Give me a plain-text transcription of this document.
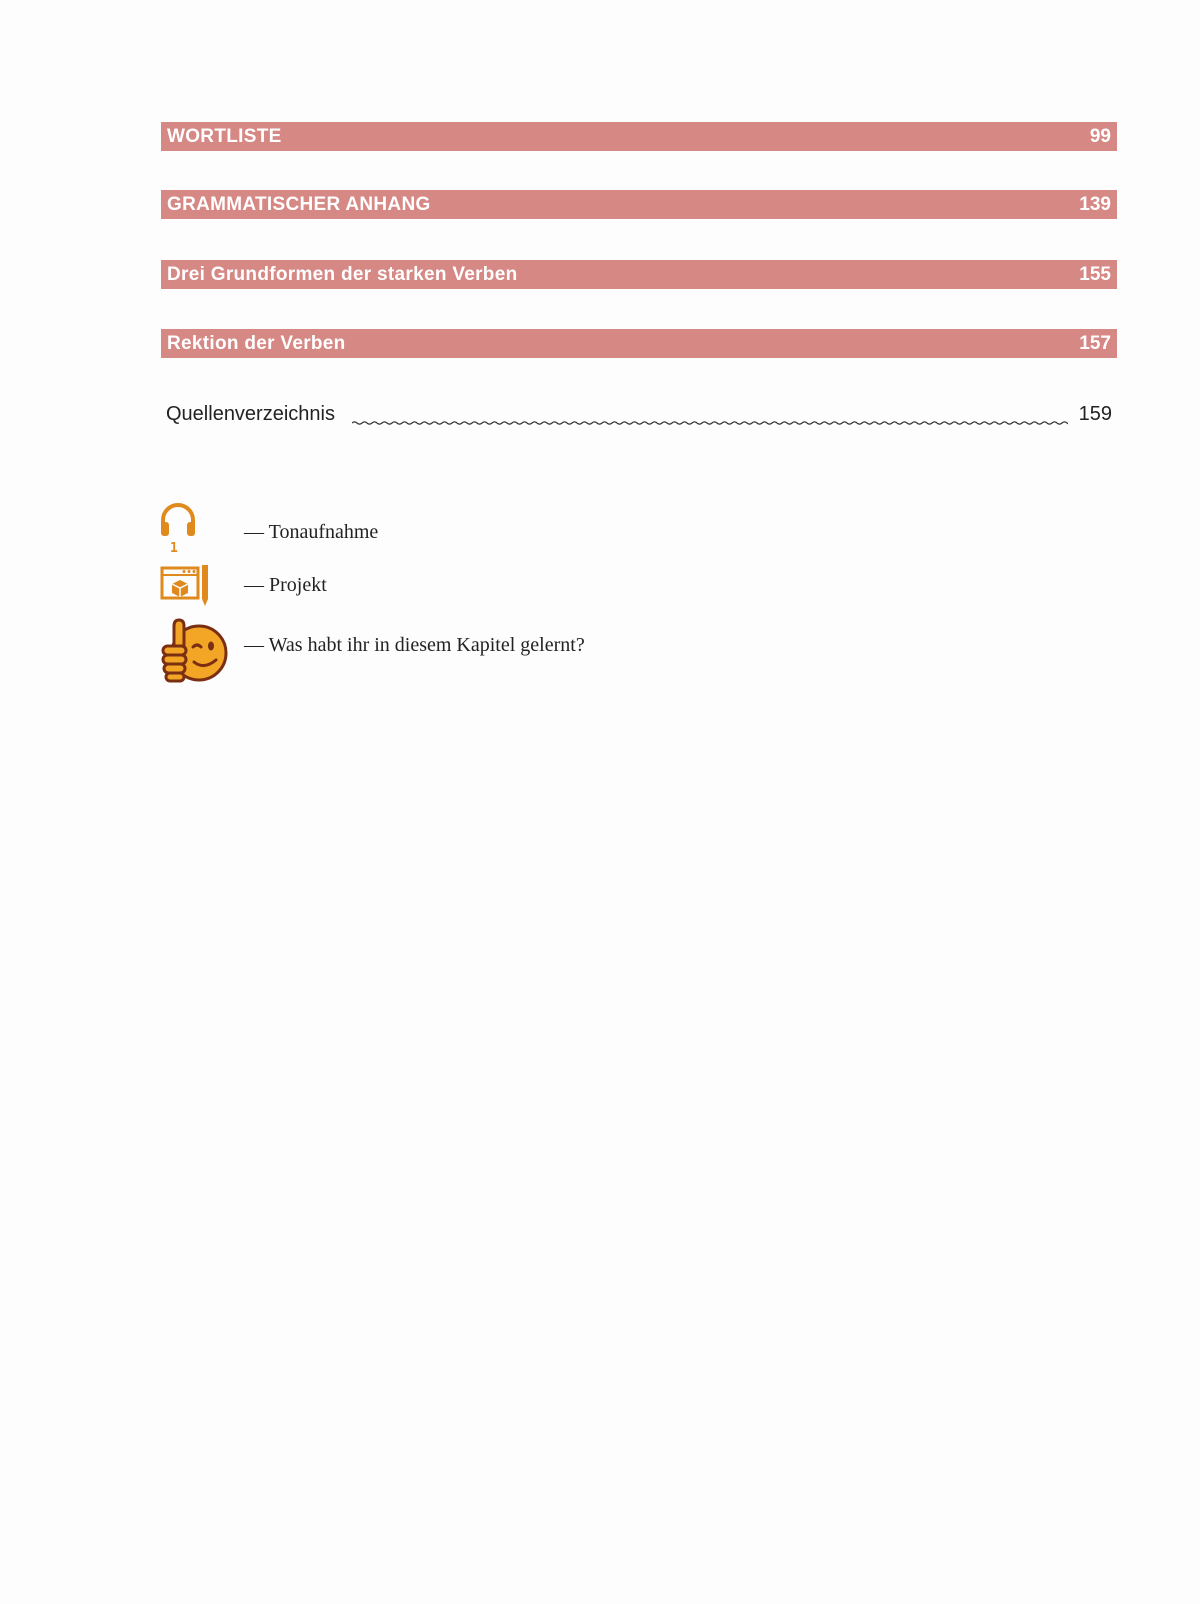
WORTLISTE	99
GRAMMATISCHER ANHANG	139
Drei Grundformen der starken Verben	155
Rektion der Verben	157
Quellenverzeichnis	159
1
— Tonaufnahme
— Projekt
— Was habt ihr in diesem Kapitel gelernt?
